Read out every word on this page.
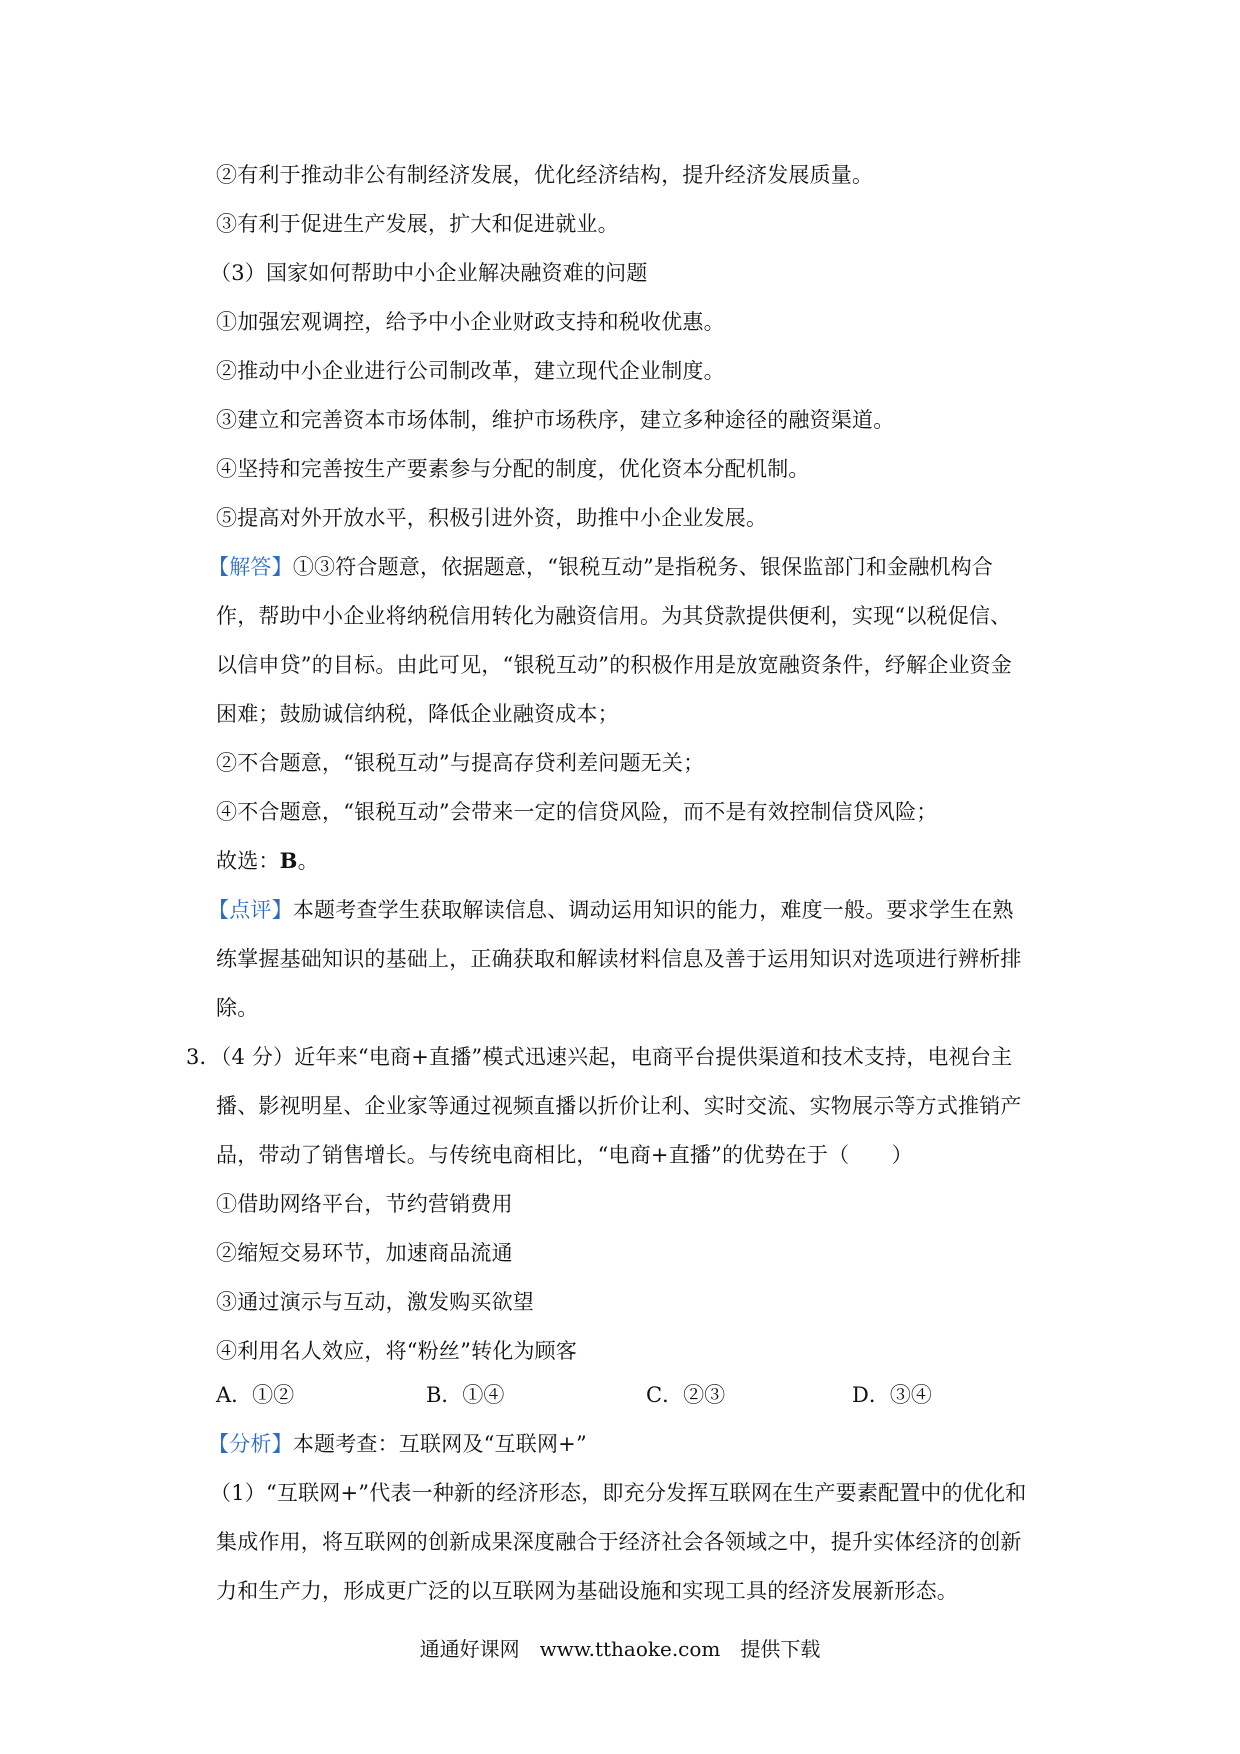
②有利于推动非公有制经济发展，优化经济结构，提升经济发展质量。
③有利于促进生产发展，扩大和促进就业。
（3）国家如何帮助中小企业解决融资难的问题
①加强宏观调控，给予中小企业财政支持和税收优惠。
②推动中小企业进行公司制改革，建立现代企业制度。
③建立和完善资本市场体制，维护市场秩序，建立多种途径的融资渠道。
④坚持和完善按生产要素参与分配的制度，优化资本分配机制。
⑤提高对外开放水平，积极引进外资，助推中小企业发展。
【解答】①③符合题意，依据题意，“银税互动”是指税务、银保监部门和金融机构合
作，帮助中小企业将纳税信用转化为融资信用。为其贷款提供便利，实现“以税促信、
以信申贷”的目标。由此可见，“银税互动”的积极作用是放宽融资条件，纾解企业资金
困难；鼓励诚信纳税，降低企业融资成本；
②不合题意，“银税互动”与提高存贷利差问题无关；
④不合题意，“银税互动”会带来一定的信贷风险，而不是有效控制信贷风险；
故选：B。
【点评】本题考查学生获取解读信息、调动运用知识的能力，难度一般。要求学生在熟
练掌握基础知识的基础上，正确获取和解读材料信息及善于运用知识对选项进行辨析排
除。
3．（4 分）近年来“电商+直播”模式迅速兴起，电商平台提供渠道和技术支持，电视台主
播、影视明星、企业家等通过视频直播以折价让利、实时交流、实物展示等方式推销产
品，带动了销售增长。与传统电商相比，“电商+直播”的优势在于（　　）
①借助网络平台，节约营销费用
②缩短交易环节，加速商品流通
③通过演示与互动，激发购买欲望
④利用名人效应，将“粉丝”转化为顾客
A．①②	B．①④	C．②③	D．③④
【分析】本题考查：互联网及“互联网+”
（1）“互联网+”代表一种新的经济形态，即充分发挥互联网在生产要素配置中的优化和
集成作用，将互联网的创新成果深度融合于经济社会各领域之中，提升实体经济的创新
力和生产力，形成更广泛的以互联网为基础设施和实现工具的经济发展新形态。
通通好课网　www.tthaoke.com　提供下载
